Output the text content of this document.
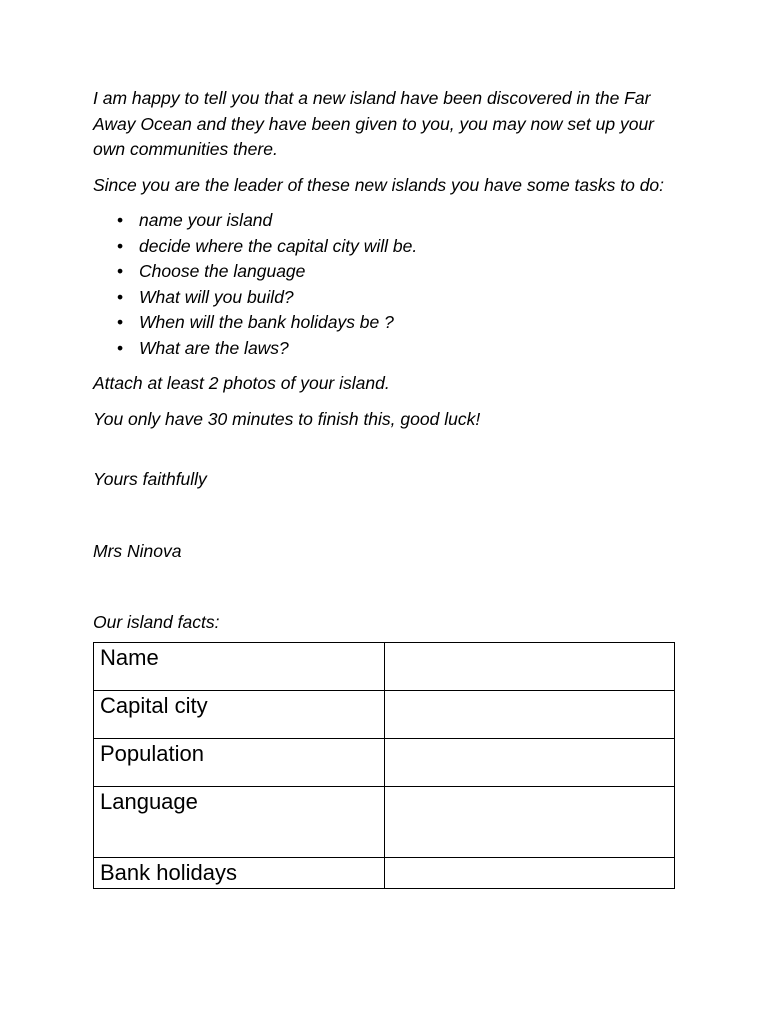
I am happy to tell you that a new island have been discovered in the Far Away Ocean and they have been given to you, you may now set up your own communities there.

Since you are the leader of these new islands you have some tasks to do:

• name your island
• decide where the capital city will be.
• Choose the language
• What will you build?
• When will the bank holidays be ?
• What are the laws?

Attach at least 2 photos of your island.

You only have 30 minutes to finish this, good luck!

Yours faithfully

Mrs Ninova

Our island facts:

Name	
Capital city	
Population	
Language	
Bank holidays	
